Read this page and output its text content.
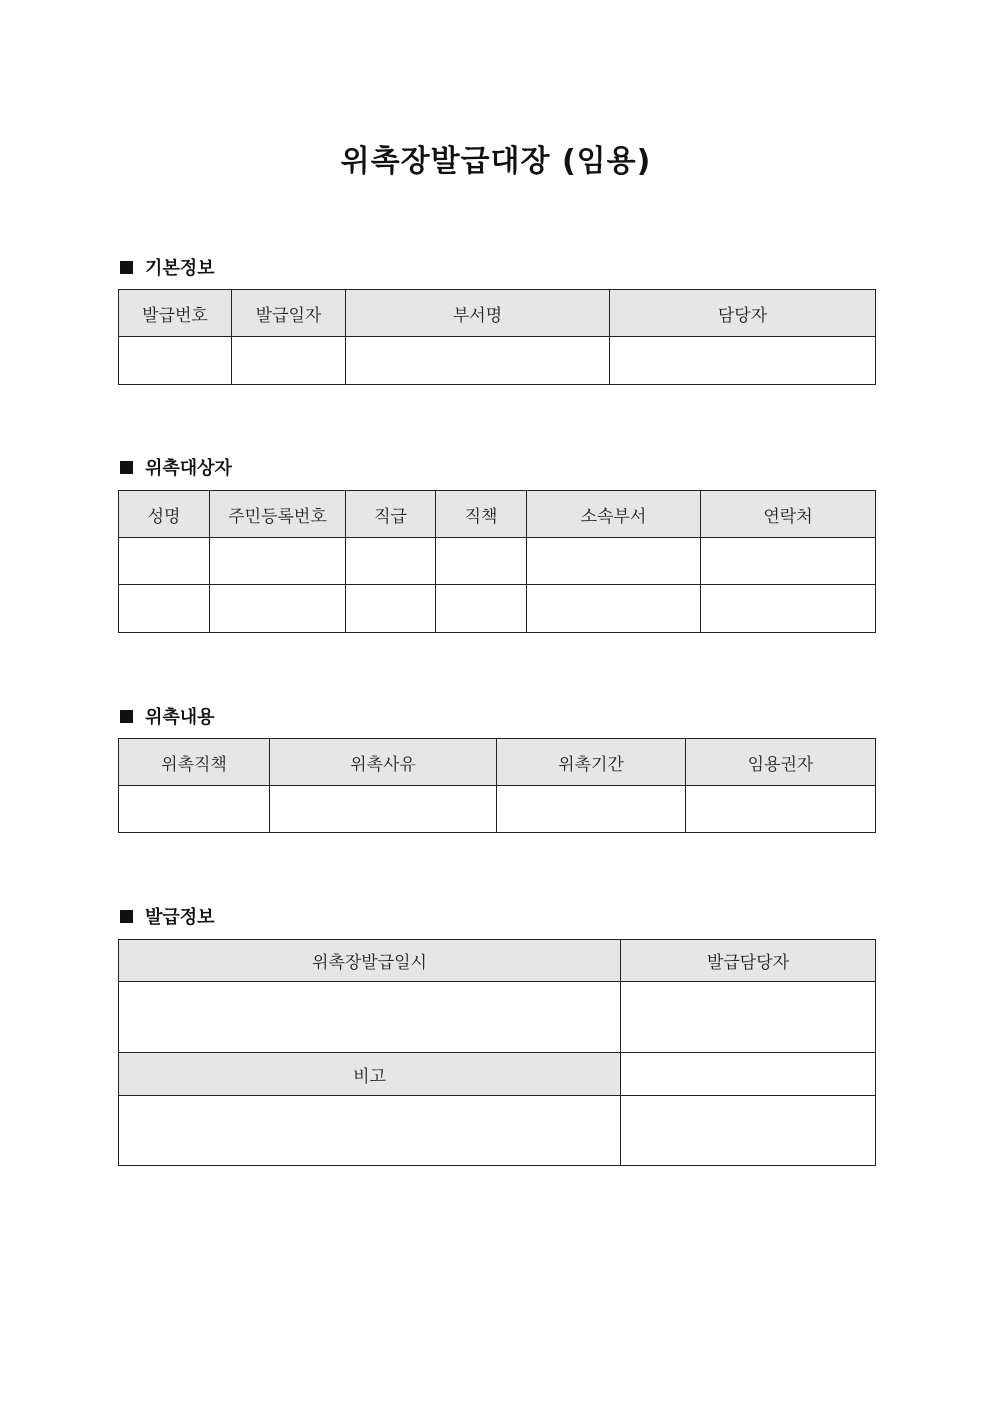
위촉장발급대장 (임용)
기본정보
발급번호	발급일자	부서명	담당자

위촉대상자
성명	주민등록번호	직급	직책	소속부서	연락처

위촉내용
위촉직책	위촉사유	위촉기간	임용권자

발급정보
위촉장발급일시	발급담당자

비고	
